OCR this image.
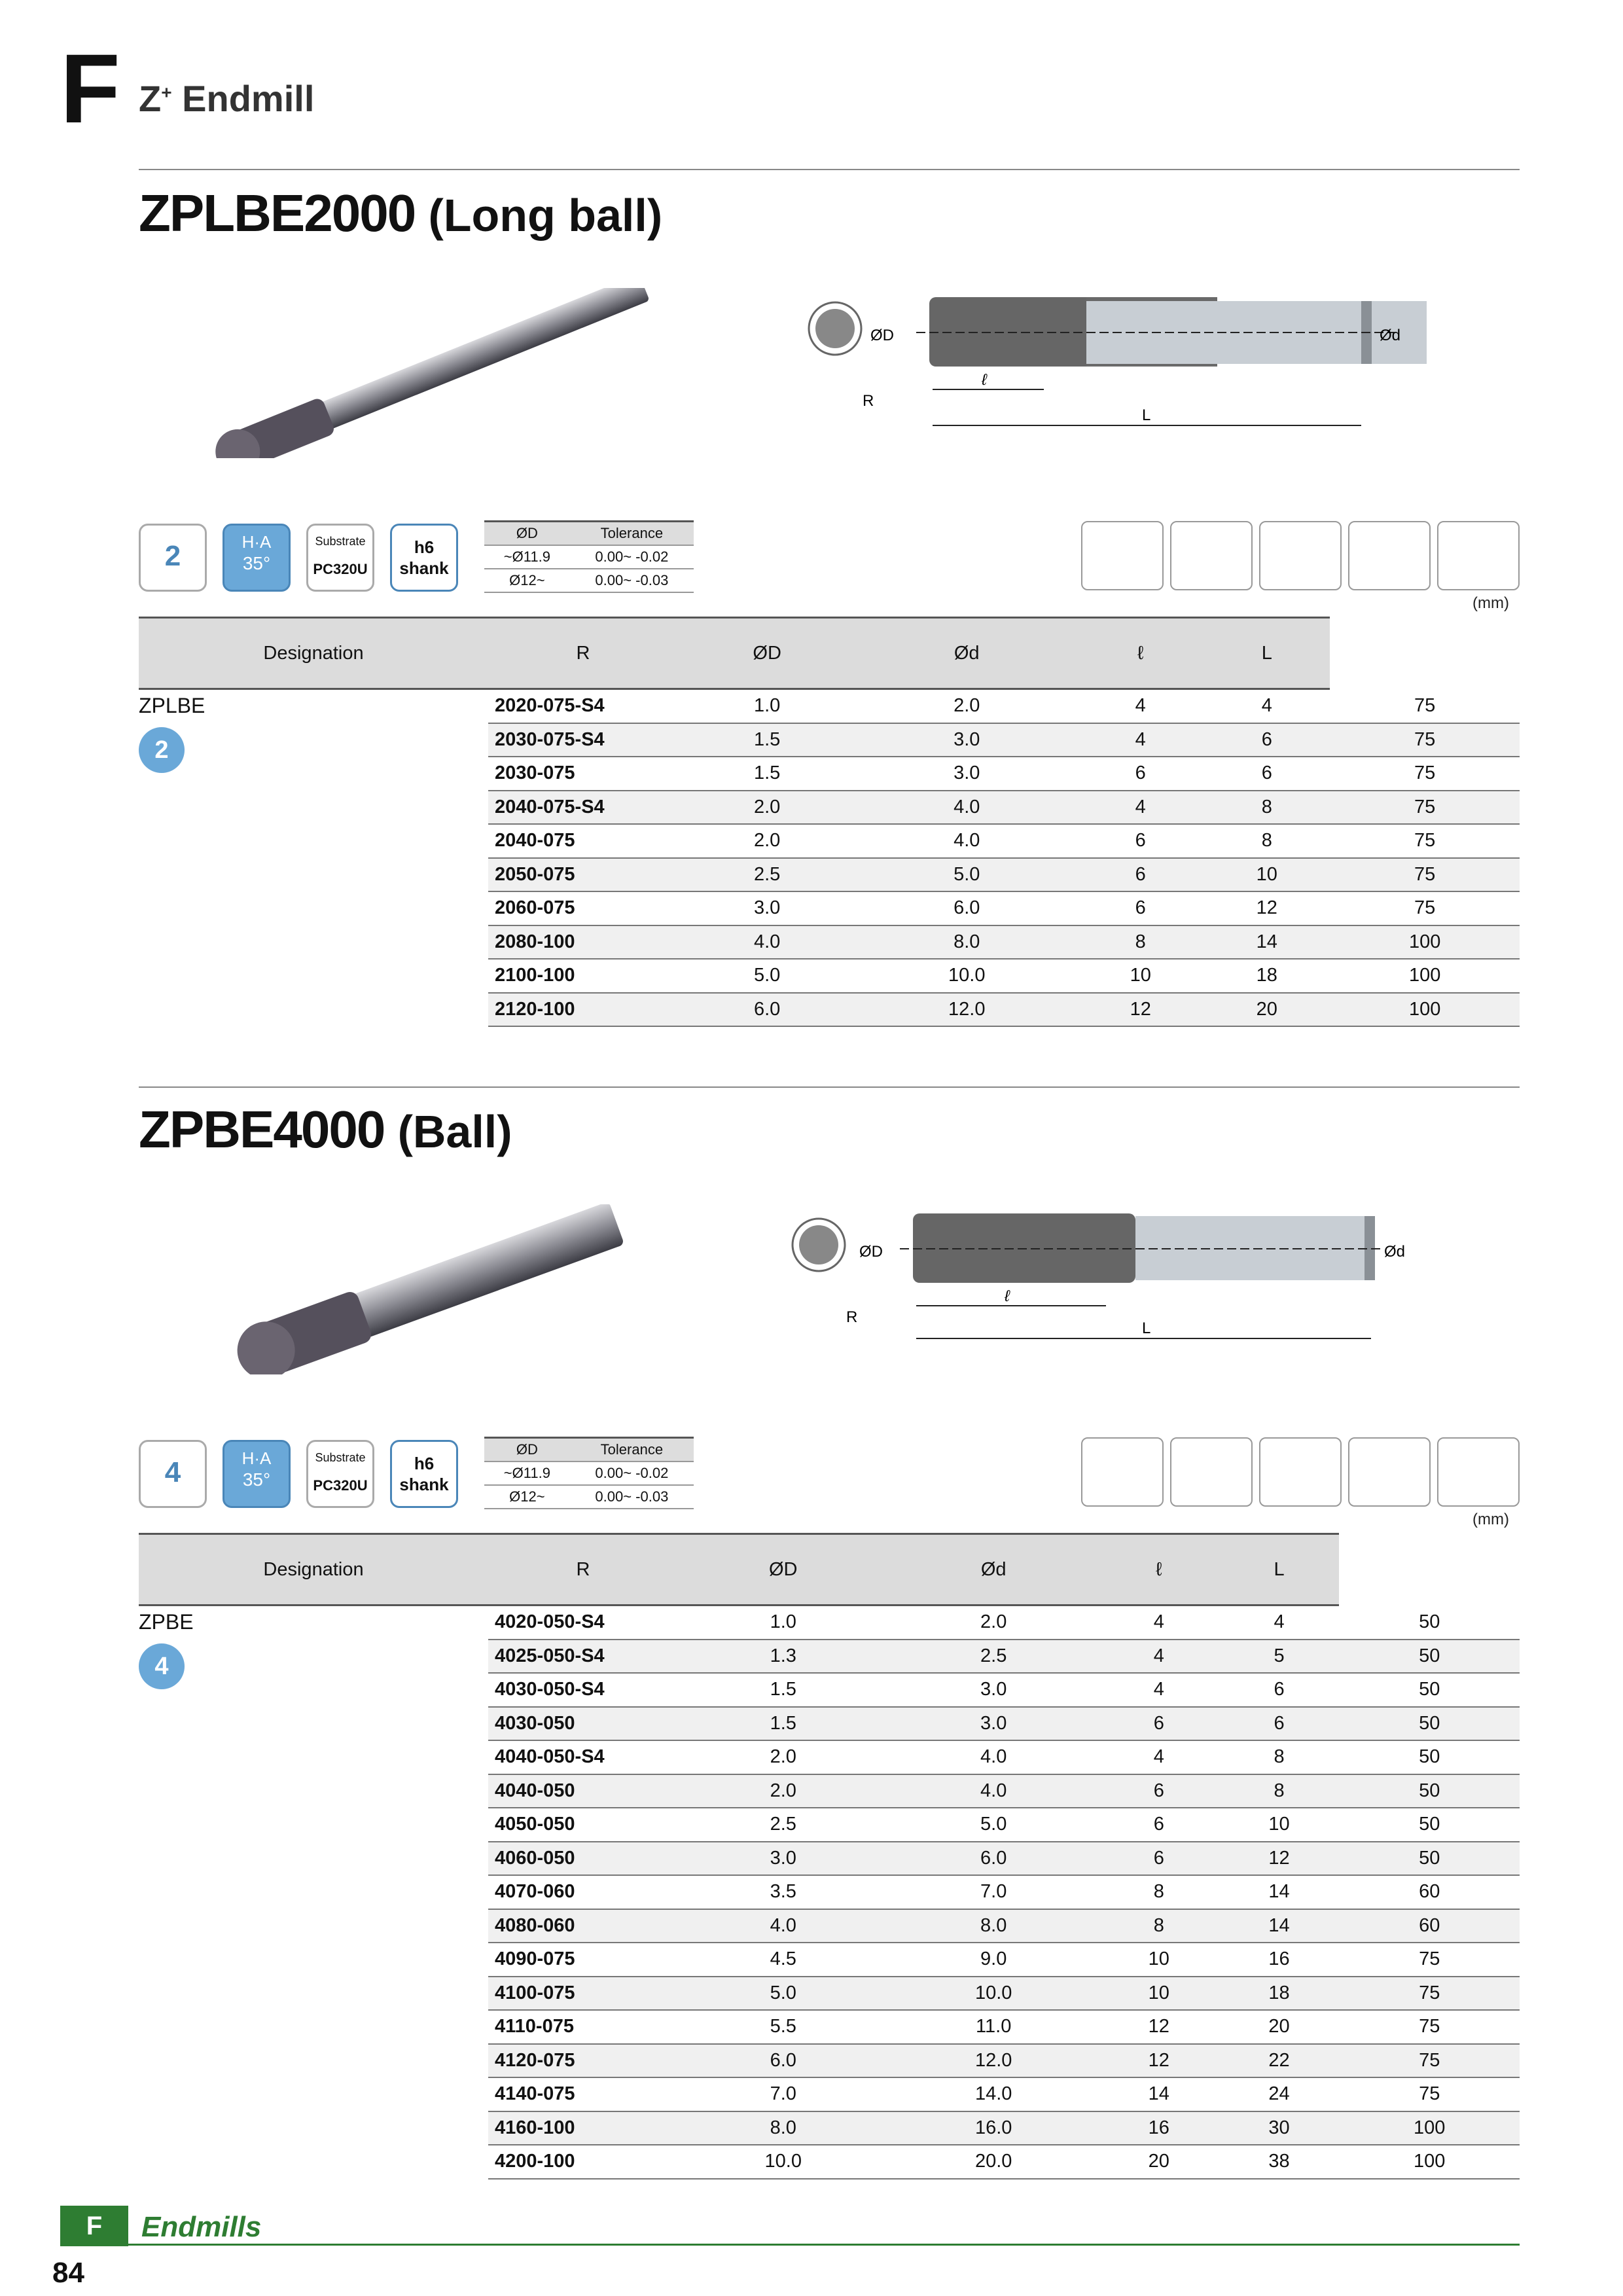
F Z+ Endmill
ZPLBE2000 (Long ball)
ØD	Ød
ℓ
L
R
2	H·A
35°
Substrate
PC320U
h6
shank
ØD	Tolerance
~Ø11.9	0.00~ -0.02
Ø12~	0.00~ -0.03
(mm)
Designation	R	ØD	Ød	ℓ	L	

ZPLBE
2	2020-075-S4	1.0	2.0	4	4	75
	2030-075-S4	1.5	3.0	4	6	75
	2030-075	1.5	3.0	6	6	75
	2040-075-S4	2.0	4.0	4	8	75
	2040-075	2.0	4.0	6	8	75
	2050-075	2.5	5.0	6	10	75
	2060-075	3.0	6.0	6	12	75
	2080-100	4.0	8.0	8	14	100
	2100-100	5.0	10.0	10	18	100
	2120-100	6.0	12.0	12	20	100
ZPBE4000 (Ball)
ØD	Ød
ℓ
L
R
4	H·A
35°
Substrate
PC320U
h6
shank
ØD	Tolerance
~Ø11.9	0.00~ -0.02
Ø12~	0.00~ -0.03
(mm)
Designation	R	ØD	Ød	ℓ	L	

ZPBE
4	4020-050-S4	1.0	2.0	4	4	50
	4025-050-S4	1.3	2.5	4	5	50
	4030-050-S4	1.5	3.0	4	6	50
	4030-050	1.5	3.0	6	6	50
	4040-050-S4	2.0	4.0	4	8	50
	4040-050	2.0	4.0	6	8	50
	4050-050	2.5	5.0	6	10	50
	4060-050	3.0	6.0	6	12	50
	4070-060	3.5	7.0	8	14	60
	4080-060	4.0	8.0	8	14	60
	4090-075	4.5	9.0	10	16	75
	4100-075	5.0	10.0	10	18	75
	4110-075	5.5	11.0	12	20	75
	4120-075	6.0	12.0	12	22	75
	4140-075	7.0	14.0	14	24	75
	4160-100	8.0	16.0	16	30	100
	4200-100	10.0	20.0	20	38	100
F	Endmills
84
